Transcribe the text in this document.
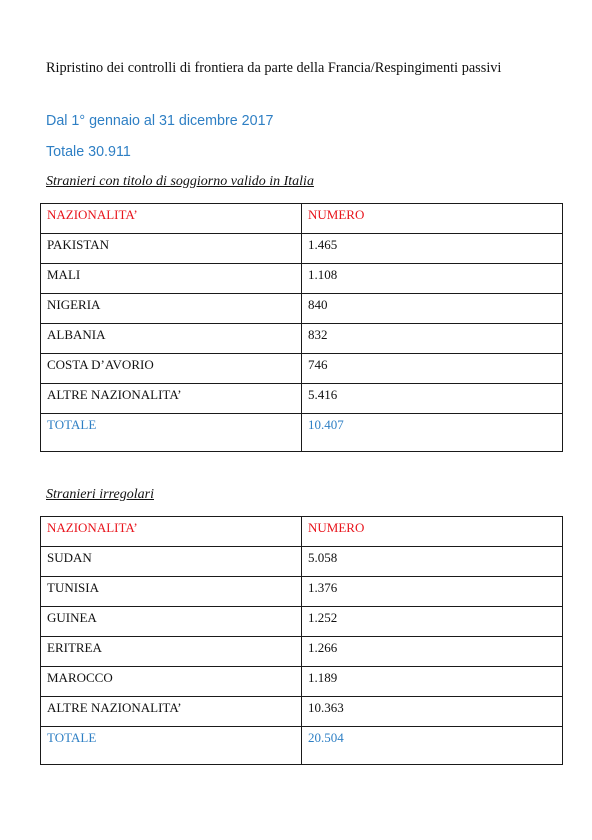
Ripristino dei controlli di frontiera da parte della Francia/Respingimenti passivi
Dal 1° gennaio al 31 dicembre 2017
Totale 30.911
Stranieri con titolo di soggiorno valido in Italia
NAZIONALITA’	NUMERO
PAKISTAN	1.465
MALI	1.108
NIGERIA	840
ALBANIA	832
COSTA D’AVORIO	746
ALTRE NAZIONALITA’	5.416
TOTALE	10.407
Stranieri irregolari
NAZIONALITA’	NUMERO
SUDAN	5.058
TUNISIA	1.376
GUINEA	1.252
ERITREA	1.266
MAROCCO	1.189
ALTRE NAZIONALITA’	10.363
TOTALE	20.504
